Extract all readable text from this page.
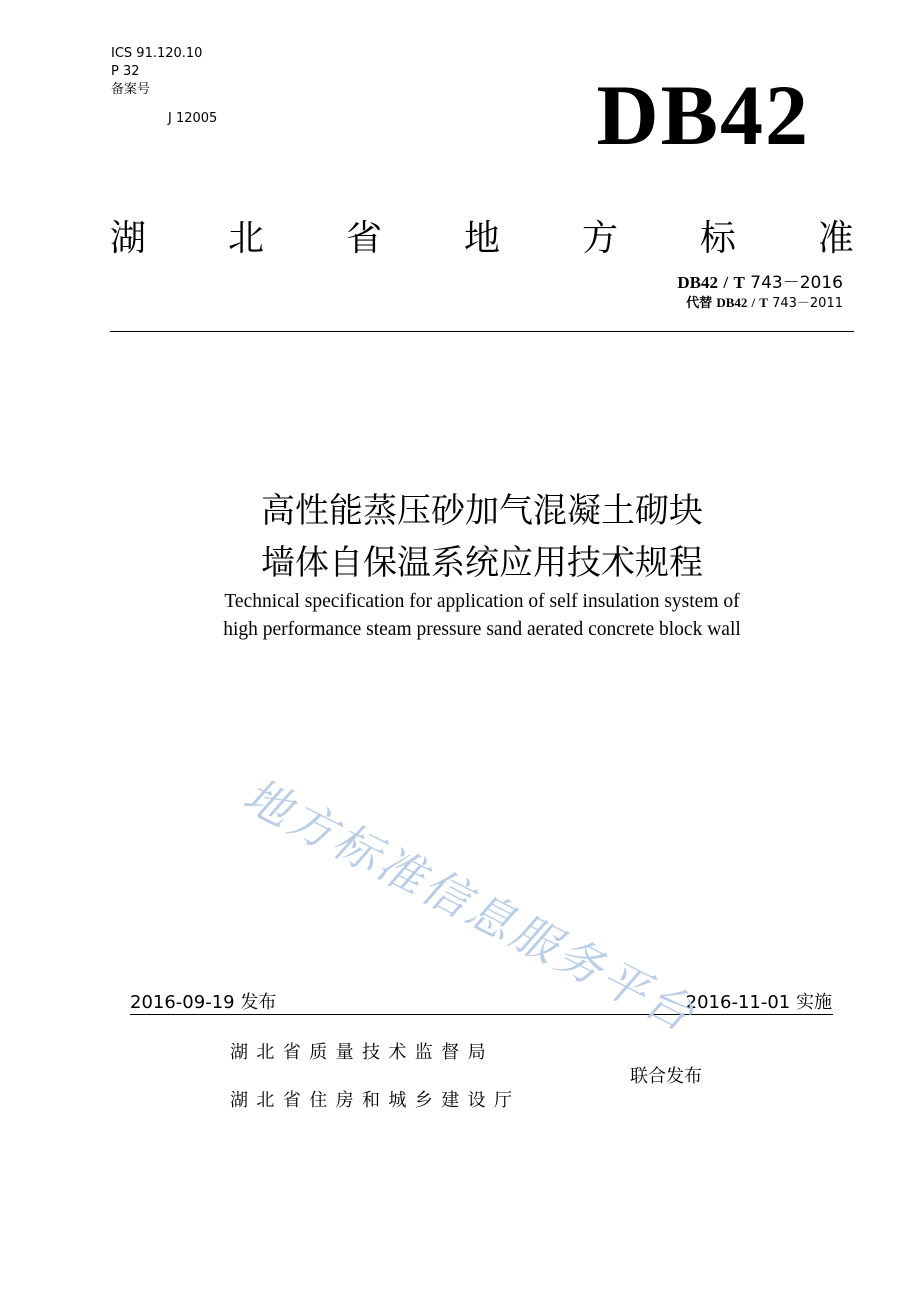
ICS 91.120.10
P 32
备案号
J 12005	DB42
湖 北 省 地 方 标 准
DB42 / T 743－2016
代替 DB42 / T 743－2011
高性能蒸压砂加气混凝土砌块
墙体自保温系统应用技术规程
Technical specification for application of self insulation system of
high performance steam pressure sand aerated concrete block wall
地方标准信息服务平台
2016-09-19 发布	2016-11-01 实施
湖北省质量技术监督局
湖北省住房和城乡建设厅
联合发布
